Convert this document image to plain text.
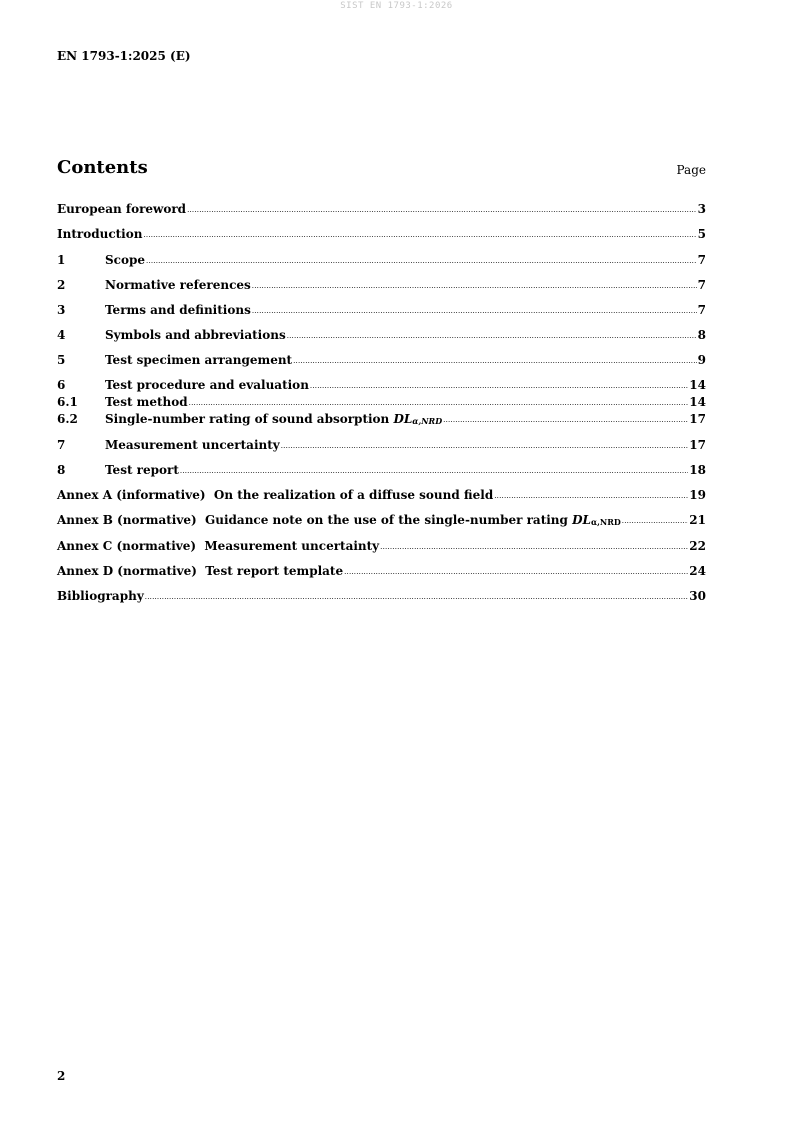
SIST EN 1793-1:2026
EN 1793-1:2025 (E)
Contents	Page
European foreword .....	3
Introduction .....	5
1	Scope .....	7
2	Normative references .....	7
3	Terms and definitions .....	7
4	Symbols and abbreviations .....	8
5	Test specimen arrangement .....	9
6	Test procedure and evaluation .....	14
6.1	Test method .....	14
6.2	Single-number rating of sound absorption DLα,NRD .....	17
7	Measurement uncertainty .....	17
8	Test report .....	18
Annex A (informative)  On the realization of a diffuse sound field .....	19
Annex B (normative)  Guidance note on the use of the single-number rating DLα,NRD .....	21
Annex C (normative)  Measurement uncertainty .....	22
Annex D (normative)  Test report template .....	24
Bibliography .....	30
2
